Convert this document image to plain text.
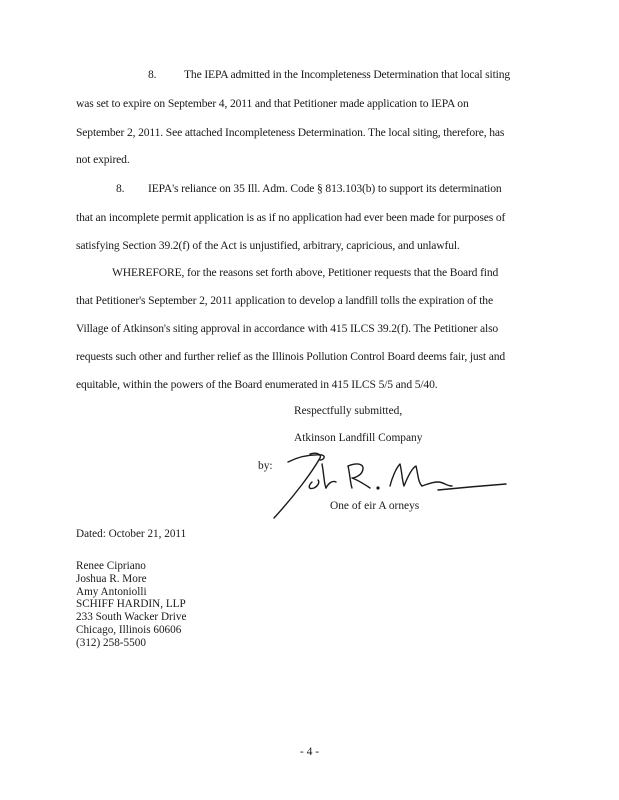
8. The IEPA admitted in the Incompleteness Determination that local siting
was set to expire on September 4, 2011 and that Petitioner made application to IEPA on
September 2, 2011. See attached Incompleteness Determination. The local siting, therefore, has
not expired.
8. IEPA's reliance on 35 Ill. Adm. Code § 813.103(b) to support its determination
that an incomplete permit application is as if no application had ever been made for purposes of
satisfying Section 39.2(f) of the Act is unjustified, arbitrary, capricious, and unlawful.
WHEREFORE, for the reasons set forth above, Petitioner requests that the Board find
that Petitioner's September 2, 2011 application to develop a landfill tolls the expiration of the
Village of Atkinson's siting approval in accordance with 415 ILCS 39.2(f). The Petitioner also
requests such other and further relief as the Illinois Pollution Control Board deems fair, just and
equitable, within the powers of the Board enumerated in 415 ILCS 5/5 and 5/40.
Respectfully submitted,
Atkinson Landfill Company
by:
One of eir A orneys
Dated: October 21, 2011
Renee Cipriano
Joshua R. More
Amy Antoniolli
SCHIFF HARDIN, LLP
233 South Wacker Drive
Chicago, Illinois 60606
(312) 258-5500
- 4 -
